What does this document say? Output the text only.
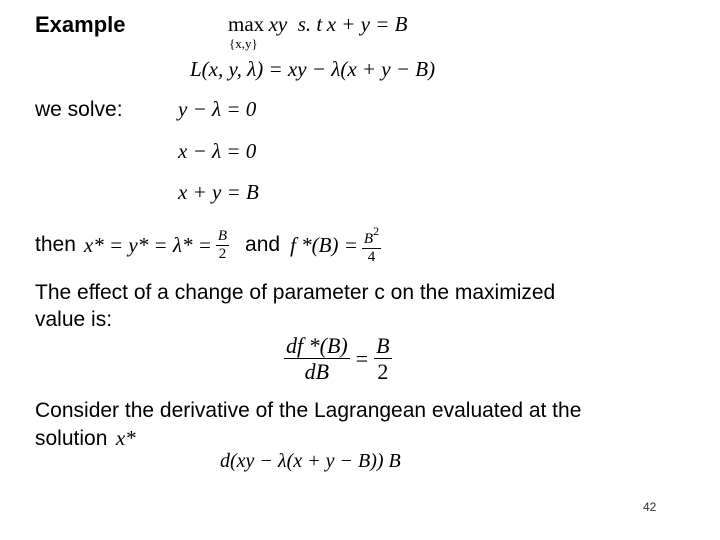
Example	max xy s. t x + y = B
{x,y}
L(x, y, λ) = xy − λ(x + y − B)
we solve:	y − λ = 0
x − λ = 0
x + y = B
then $x* = y* = \lambda* = \frac{B}{2}$ and f $*(B) = \frac{B^2}{4}$
The effect of a change of parameter c on the maximized
value is:
$\frac{df *(B)}{dB} = \frac{B}{2}$
Consider the derivative of the Lagrangean evaluated at the
solution x*
d(xy − λ(x + y − B)) B
42
